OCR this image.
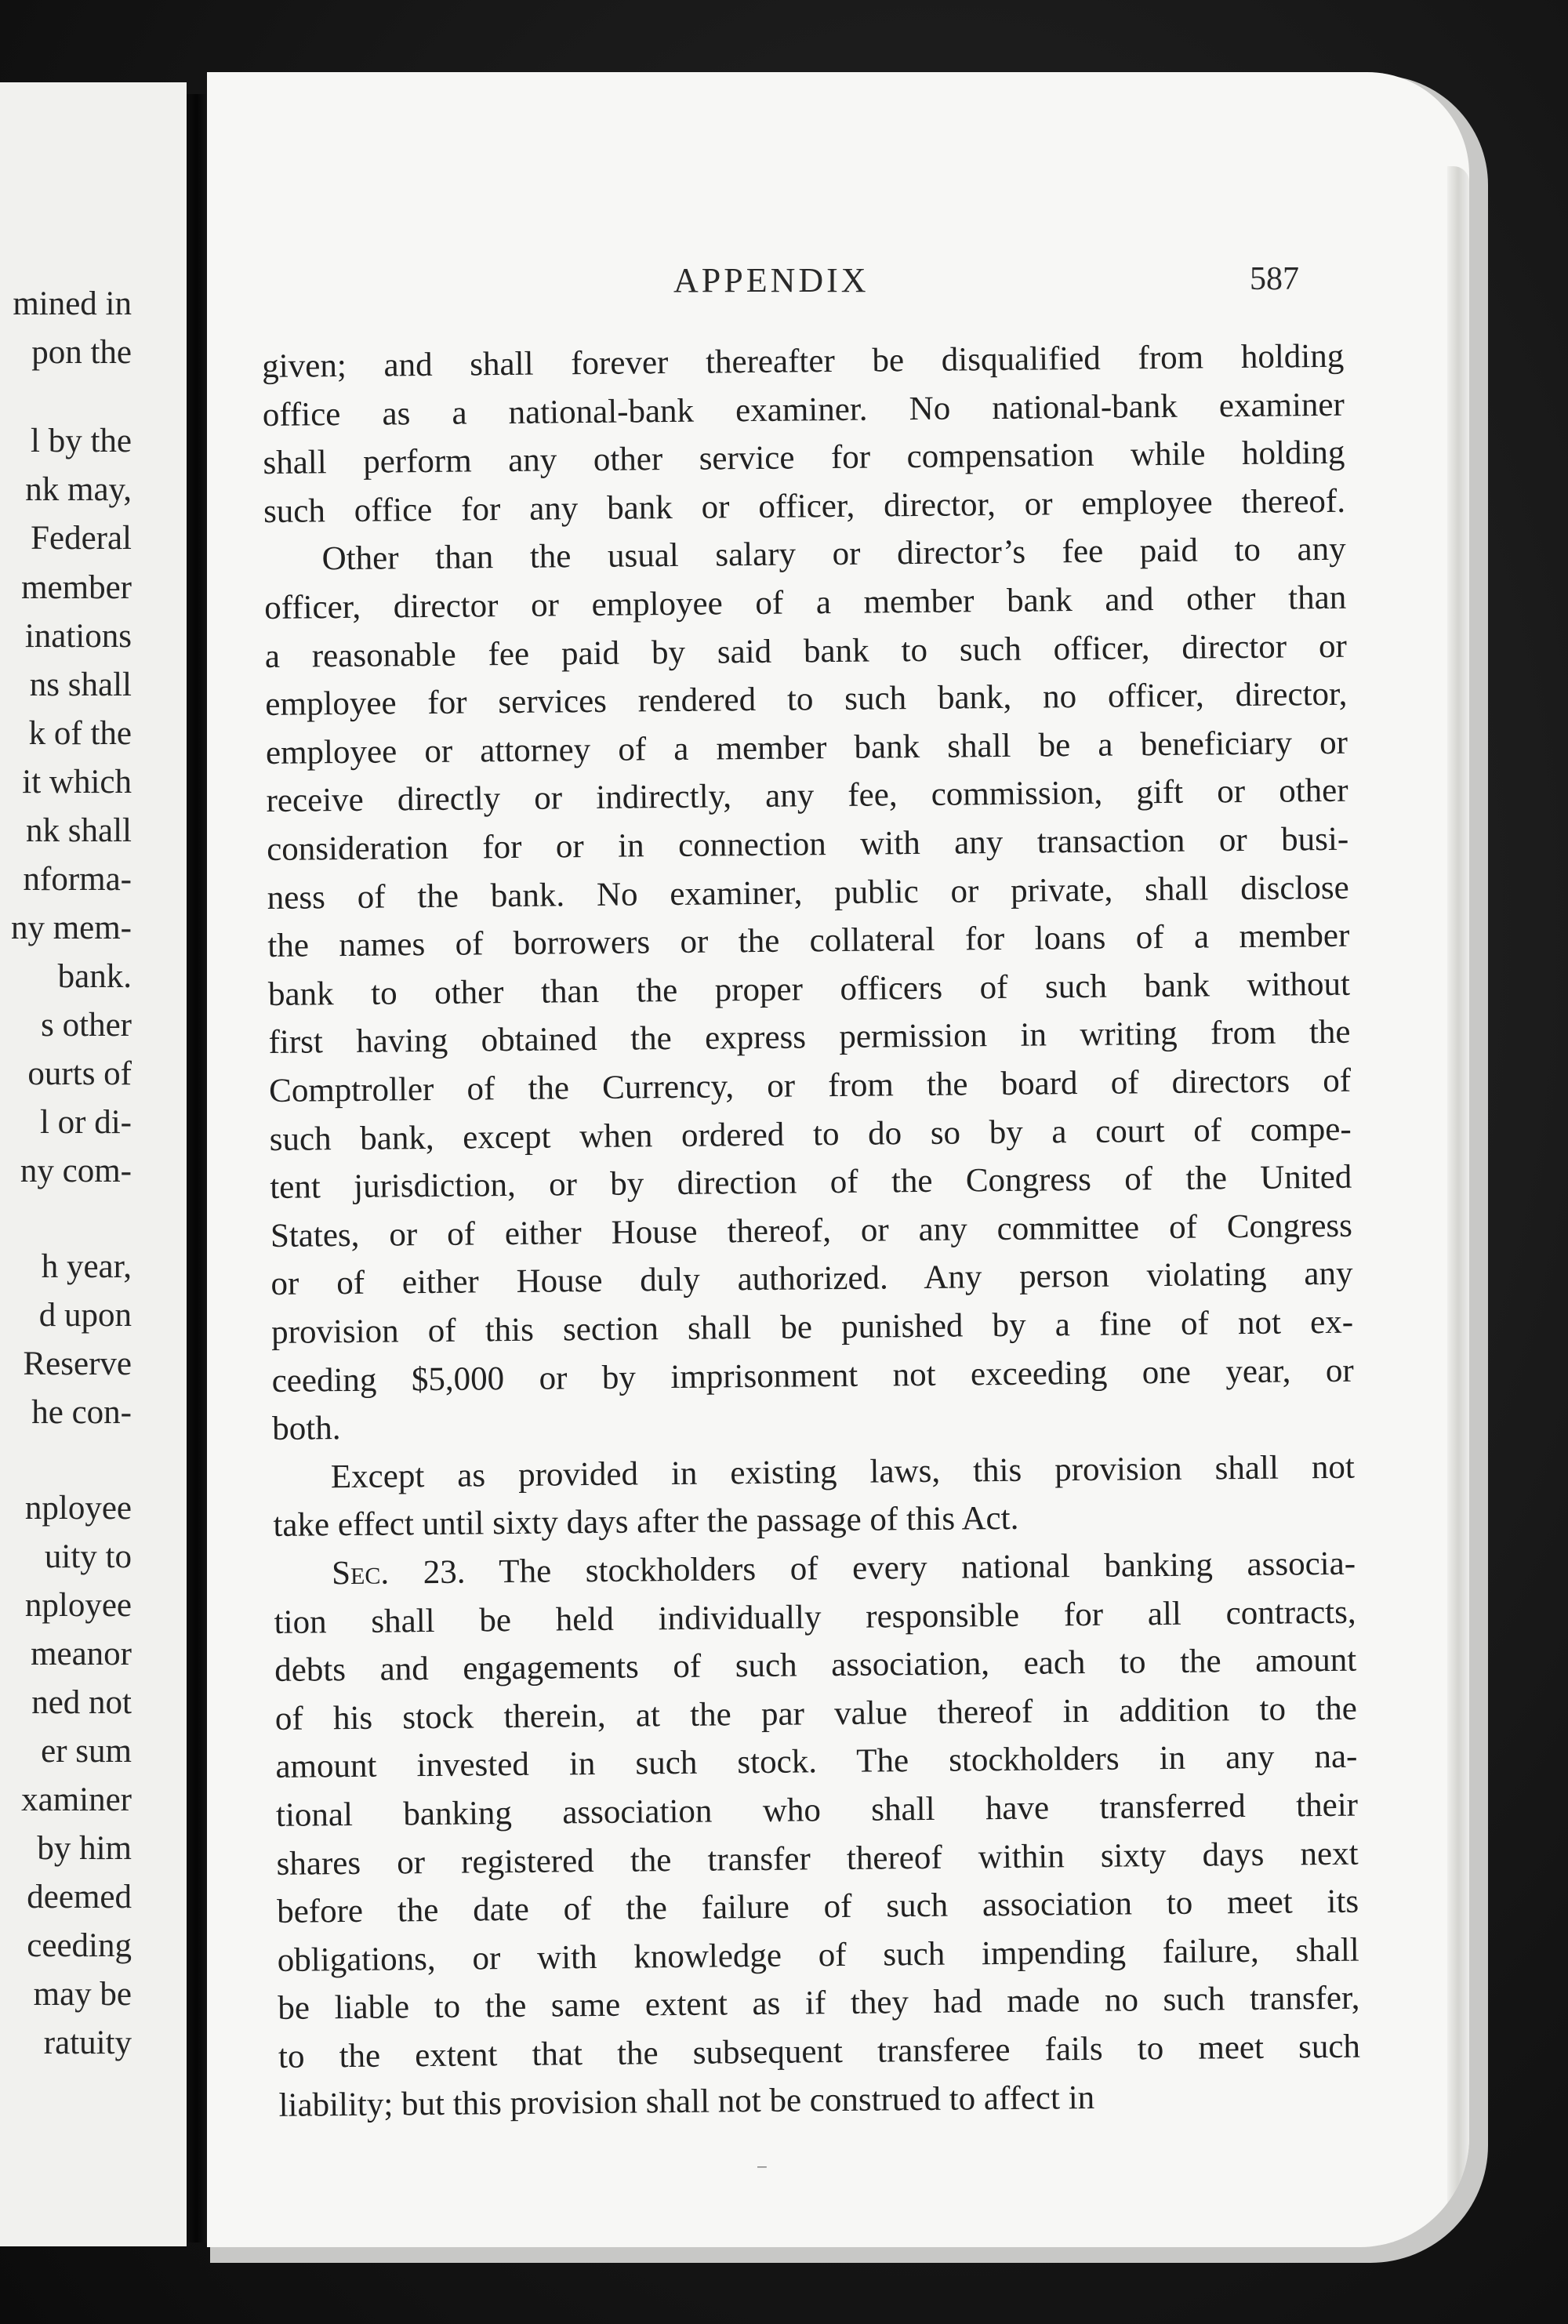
mined in
pon the
l by the
nk may,
Federal
member
inations
ns shall
k of the
it which
nk shall
nforma-
ny mem-
bank.
s other
ourts of
l or di-
ny com-
h year,
d upon
Reserve
he con-
nployee
uity to
nployee
meanor
ned not
er sum
xaminer
by him
deemed
ceeding
may be
ratuity
APPENDIX	587
given; and shall forever thereafter be disqualified from holding
office as a national-bank examiner. No national-bank examiner
shall perform any other service for compensation while holding
such office for any bank or officer, director, or employee thereof.
Other than the usual salary or director’s fee paid to any
officer, director or employee of a member bank and other than
a reasonable fee paid by said bank to such officer, director or
employee for services rendered to such bank, no officer, director,
employee or attorney of a member bank shall be a beneficiary or
receive directly or indirectly, any fee, commission, gift or other
consideration for or in connection with any transaction or busi-
ness of the bank. No examiner, public or private, shall disclose
the names of borrowers or the collateral for loans of a member
bank to other than the proper officers of such bank without
first having obtained the express permission in writing from the
Comptroller of the Currency, or from the board of directors of
such bank, except when ordered to do so by a court of compe-
tent jurisdiction, or by direction of the Congress of the United
States, or of either House thereof, or any committee of Congress
or of either House duly authorized. Any person violating any
provision of this section shall be punished by a fine of not ex-
ceeding $5,000 or by imprisonment not exceeding one year, or
both.
Except as provided in existing laws, this provision shall not
take effect until sixty days after the passage of this Act.
Sec. 23. The stockholders of every national banking associa-
tion shall be held individually responsible for all contracts,
debts and engagements of such association, each to the amount
of his stock therein, at the par value thereof in addition to the
amount invested in such stock. The stockholders in any na-
tional banking association who shall have transferred their
shares or registered the transfer thereof within sixty days next
before the date of the failure of such association to meet its
obligations, or with knowledge of such impending failure, shall
be liable to the same extent as if they had made no such transfer,
to the extent that the subsequent transferee fails to meet such
liability; but this provision shall not be construed to affect in
⁻
